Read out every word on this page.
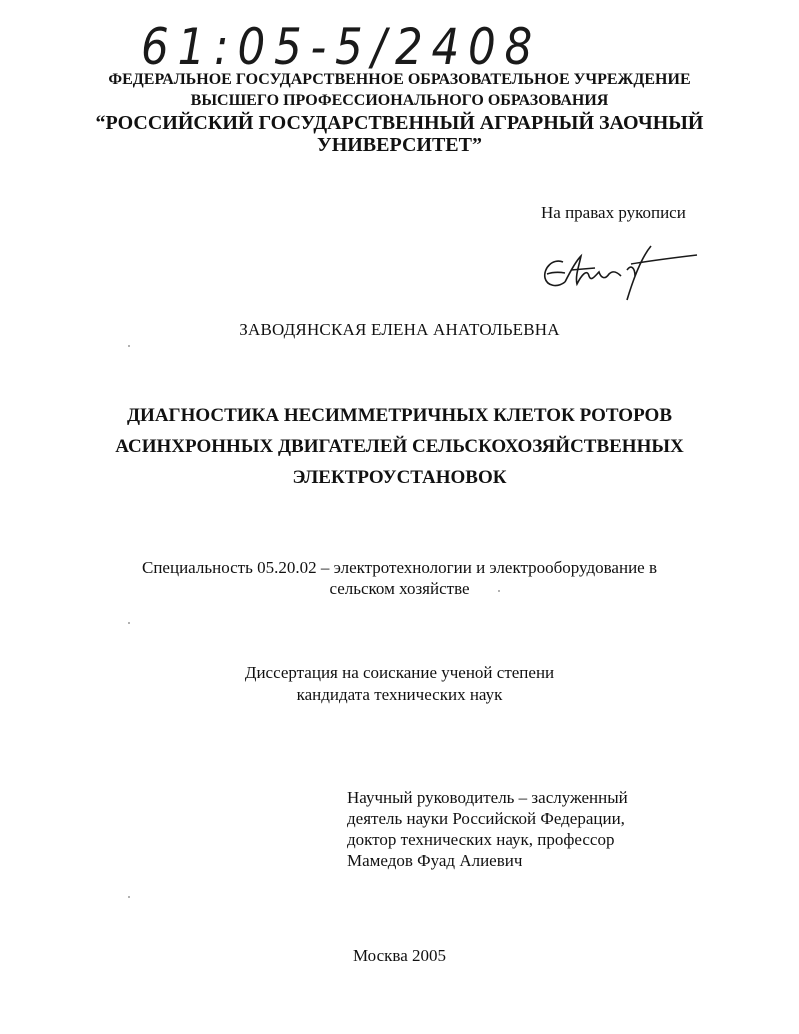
61:05-5/2408
ФЕДЕРАЛЬНОЕ ГОСУДАРСТВЕННОЕ ОБРАЗОВАТЕЛЬНОЕ УЧРЕЖДЕНИЕ
ВЫСШЕГО ПРОФЕССИОНАЛЬНОГО ОБРАЗОВАНИЯ
“РОССИЙСКИЙ ГОСУДАРСТВЕННЫЙ АГРАРНЫЙ ЗАОЧНЫЙ
УНИВЕРСИТЕТ”
На правах рукописи
ЗАВОДЯНСКАЯ ЕЛЕНА АНАТОЛЬЕВНА
ДИАГНОСТИКА НЕСИММЕТРИЧНЫХ КЛЕТОК РОТОРОВ
АСИНХРОННЫХ ДВИГАТЕЛЕЙ СЕЛЬСКОХОЗЯЙСТВЕННЫХ
ЭЛЕКТРОУСТАНОВОК
Специальность 05.20.02 – электротехнологии и электрооборудование в
сельском хозяйстве
Диссертация на соискание ученой степени
кандидата технических наук
Научный руководитель – заслуженный
деятель науки Российской Федерации,
доктор технических наук, профессор
Мамедов Фуад Алиевич
Москва 2005
